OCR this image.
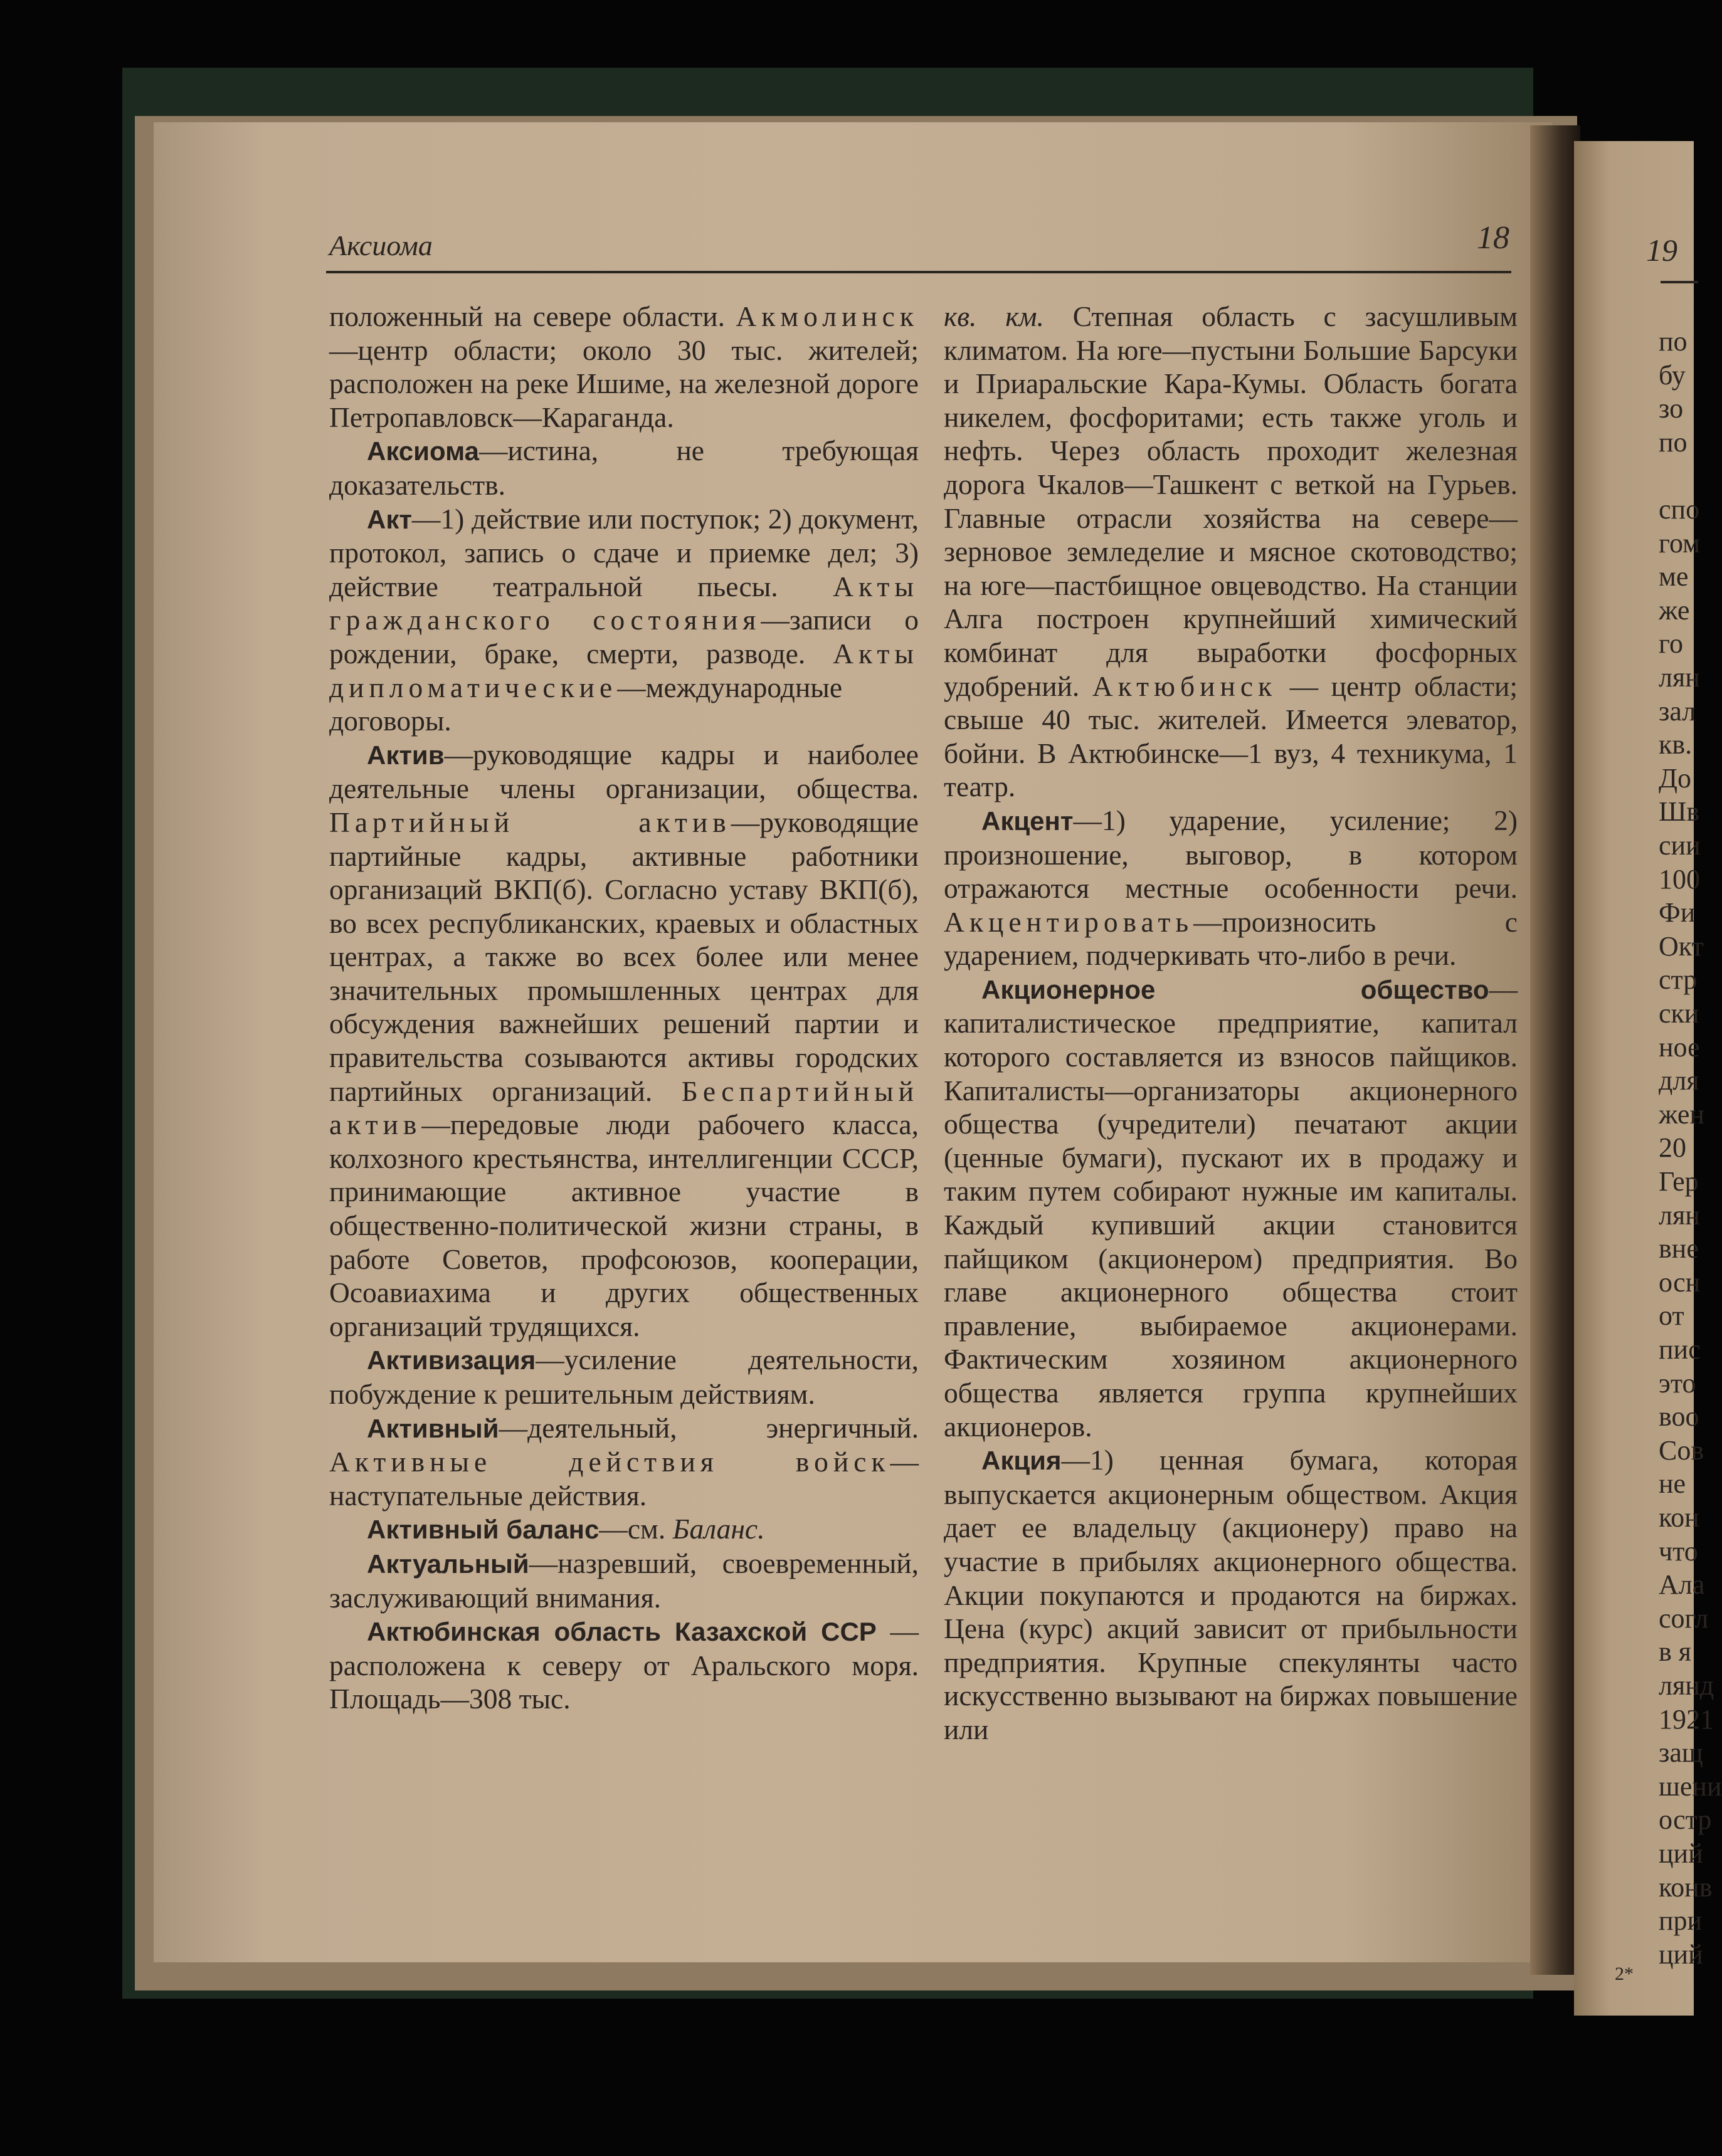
Аксиома	18

положенный на севере области. Акмолинск—центр области; около 30 тыс. жителей; расположен на реке Ишиме, на железной дороге Петропавловск—Караганда.

Аксиома—истина, не требующая доказательств.

Акт—1) действие или поступок; 2) документ, протокол, запись о сдаче и приемке дел; 3) действие театральной пьесы. Акты гражданского состояния—записи о рождении, браке, смерти, разводе. Акты дипломатические—международные договоры.

Актив—руководящие кадры и наиболее деятельные члены организации, общества. Партийный актив—руководящие партийные кадры, активные работники организаций ВКП(б). Согласно уставу ВКП(б), во всех республиканских, краевых и областных центрах, а также во всех более или менее значительных промышленных центрах для обсуждения важнейших решений партии и правительства созываются активы городских партийных организаций. Беспартийный актив—передовые люди рабочего класса, колхозного крестьянства, интеллигенции СССР, принимающие активное участие в общественно-политической жизни страны, в работе Советов, профсоюзов, кооперации, Осоавиахима и других общественных организаций трудящихся.

Активизация—усиление деятельности, побуждение к решительным действиям.

Активный—деятельный, энергичный. Активные действия войск—наступательные действия.

Активный баланс—см. Баланс.

Актуальный—назревший, своевременный, заслуживающий внимания.

Актюбинская область Казахской ССР — расположена к северу от Аральского моря. Площадь—308 тыс.

кв. км. Степная область с засушливым климатом. На юге—пустыни Большие Барсуки и Приаральские Кара-Кумы. Область богата никелем, фосфоритами; есть также уголь и нефть. Через область проходит железная дорога Чкалов—Ташкент с веткой на Гурьев. Главные отрасли хозяйства на севере—зерновое земледелие и мясное скотоводство; на юге—пастбищное овцеводство. На станции Алга построен крупнейший химический комбинат для выработки фосфорных удобрений. Актюбинск — центр области; свыше 40 тыс. жителей. Имеется элеватор, бойни. В Актюбинске—1 вуз, 4 техникума, 1 театр.

Акцент—1) ударение, усиление; 2) произношение, выговор, в котором отражаются местные особенности речи. Акцентировать—произносить с ударением, подчеркивать что-либо в речи.

Акционерное общество—капиталистическое предприятие, капитал которого составляется из взносов пайщиков. Капиталисты—организаторы акционерного общества (учредители) печатают акции (ценные бумаги), пускают их в продажу и таким путем собирают нужные им капиталы. Каждый купивший акции становится пайщиком (акционером) предприятия. Во главе акционерного общества стоит правление, выбираемое акционерами. Фактическим хозяином акционерного общества является группа крупнейших акционеров.

Акция—1) ценная бумага, которая выпускается акционерным обществом. Акция дает ее владельцу (акционеру) право на участие в прибылях акционерного общества. Акции покупаются и продаются на биржах. Цена (курс) акций зависит от прибыльности предприятия. Крупные спекулянты часто искусственно вызывают на биржах повышение или

19
по
бу
зо
по
спо
гом
ме
же
го
лян
зал
кв.
До
Шв
сии
100
Фи
Окт
стр
ски
ное
для
жен
20
Гер
лян
вне
осн
от
пис
это
воо
Сов
не
кон
что
Ала
согл
в я
лянд
1921
защ
шени
остр
ций
конв
при
ций
2*
